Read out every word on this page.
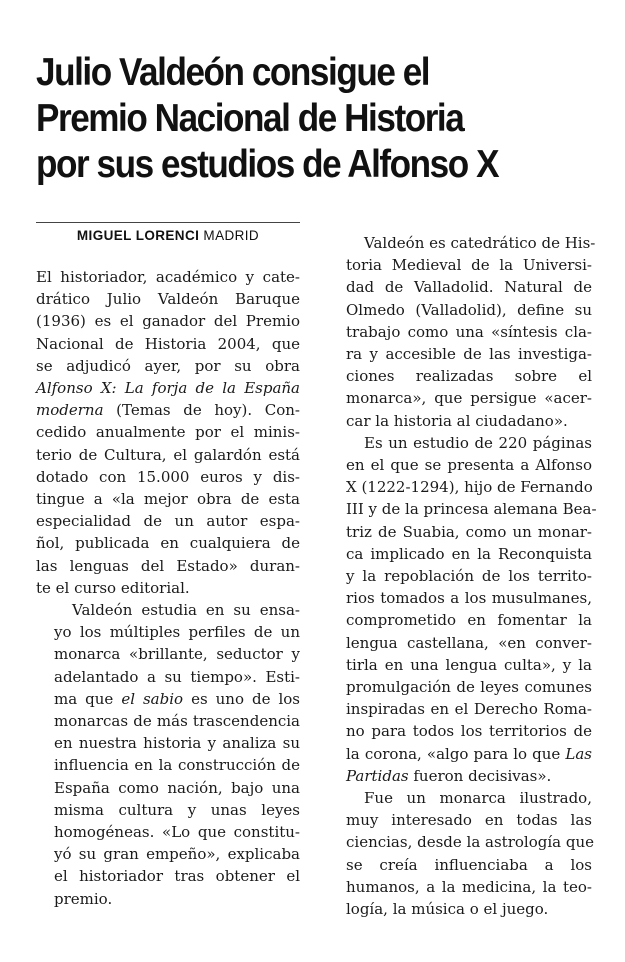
Julio Valdeón consigue el
Premio Nacional de Historia
por sus estudios de Alfonso X
MIGUEL LORENCI MADRID

El historiador, académico y cate-
drático Julio Valdeón Baruque
(1936) es el ganador del Premio
Nacional de Historia 2004, que
se adjudicó ayer, por su obra
Alfonso X: La forja de la España
moderna (Temas de hoy). Con-
cedido anualmente por el minis-
terio de Cultura, el galardón está
dotado con 15.000 euros y dis-
tingue a «la mejor obra de esta
especialidad de un autor espa-
ñol, publicada en cualquiera de
las lenguas del Estado» duran-
te el curso editorial.

Valdeón estudia en su ensa-
yo los múltiples perfiles de un
monarca «brillante, seductor y
adelantado a su tiempo». Esti-
ma que el sabio es uno de los
monarcas de más trascendencia
en nuestra historia y analiza su
influencia en la construcción de
España como nación, bajo una
misma cultura y unas leyes
homogéneas. «Lo que constitu-
yó su gran empeño», explicaba
el historiador tras obtener el
premio.

Valdeón es catedrático de His-
toria Medieval de la Universi-
dad de Valladolid. Natural de
Olmedo (Valladolid), define su
trabajo como una «síntesis cla-
ra y accesible de las investiga-
ciones realizadas sobre el
monarca», que persigue «acer-
car la historia al ciudadano».

Es un estudio de 220 páginas
en el que se presenta a Alfonso
X (1222-1294), hijo de Fernando
III y de la princesa alemana Bea-
triz de Suabia, como un monar-
ca implicado en la Reconquista
y la repoblación de los territo-
rios tomados a los musulmanes,
comprometido en fomentar la
lengua castellana, «en conver-
tirla en una lengua culta», y la
promulgación de leyes comunes
inspiradas en el Derecho Roma-
no para todos los territorios de
la corona, «algo para lo que Las
Partidas fueron decisivas».

Fue un monarca ilustrado,
muy interesado en todas las
ciencias, desde la astrología que
se creía influenciaba a los
humanos, a la medicina, la teo-
logía, la música o el juego.
